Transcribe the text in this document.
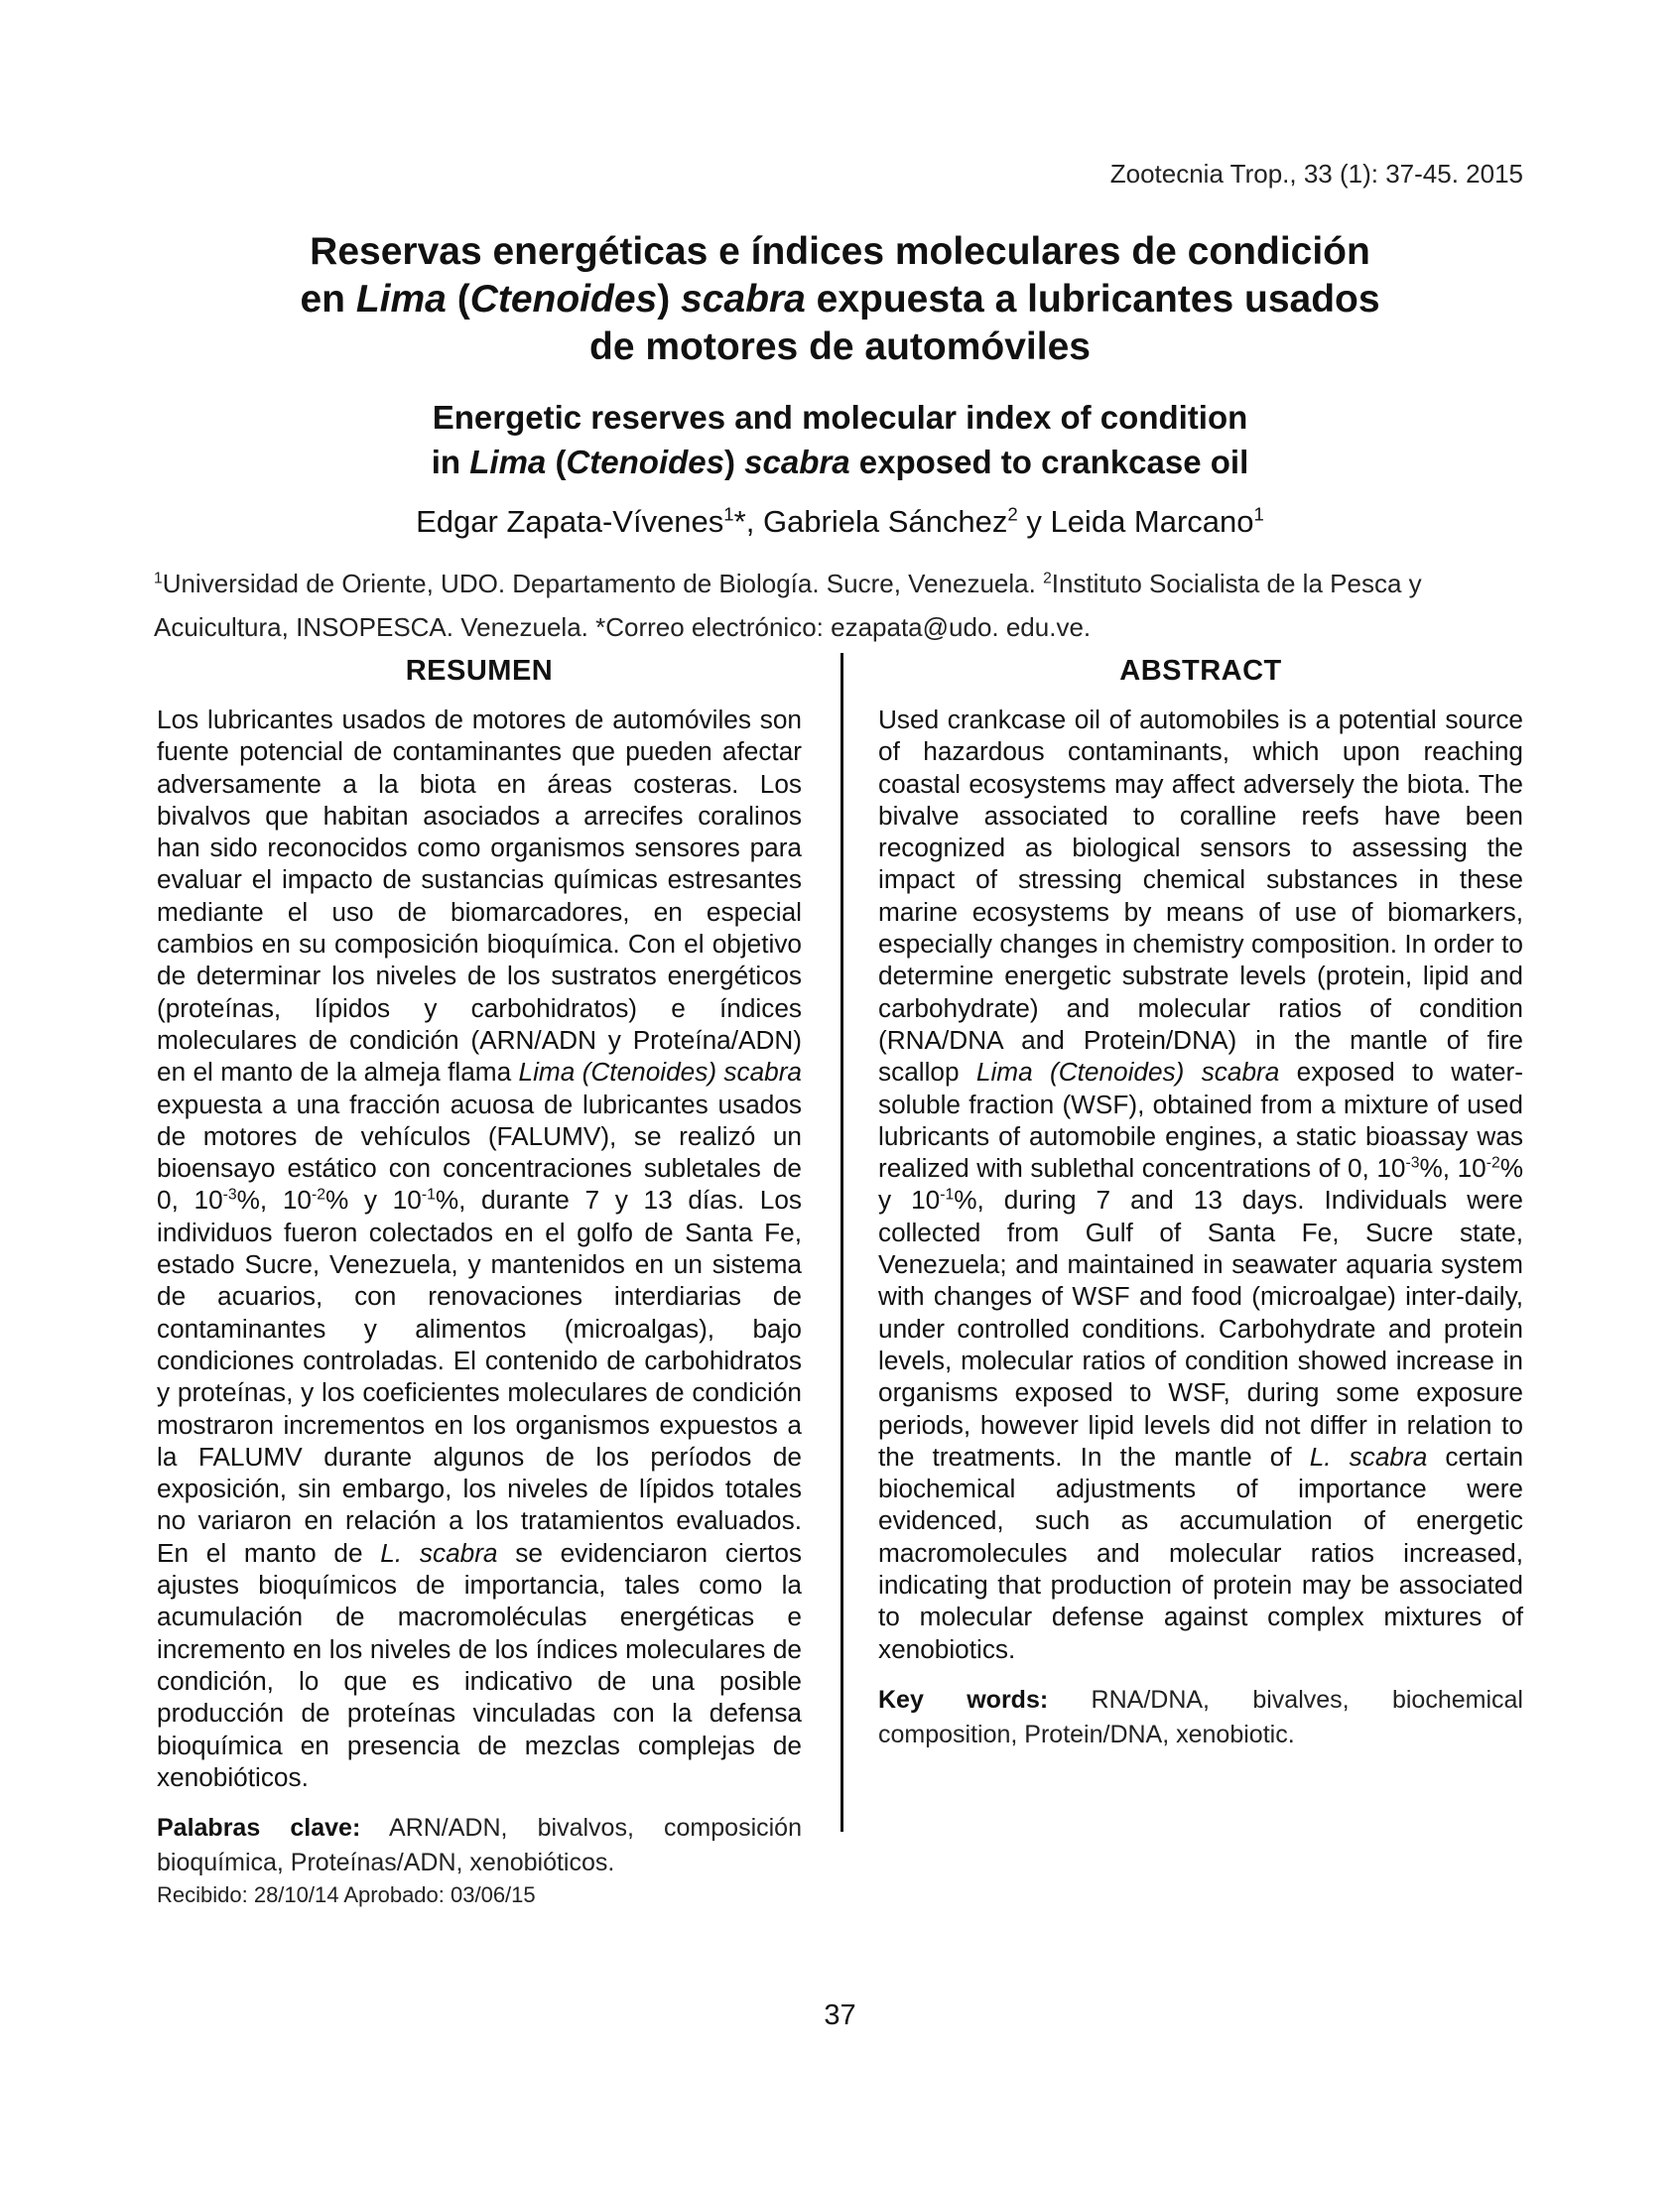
Zootecnia Trop., 33 (1): 37-45. 2015
Reservas energéticas e índices moleculares de condición
en Lima (Ctenoides) scabra expuesta a lubricantes usados
de motores de automóviles
Energetic reserves and molecular index of condition
in Lima (Ctenoides) scabra exposed to crankcase oil
Edgar Zapata-Vívenes$^1$*, Gabriela Sánchez$^2$ y Leida Marcano$^1$
$^1$Universidad de Oriente, UDO. Departamento de Biología. Sucre, Venezuela. $^2$Instituto Socialista de la Pesca y Acuicultura, INSOPESCA. Venezuela. *Correo electrónico: ezapata@udo. edu.ve.
RESUMEN

Los lubricantes usados de motores de automóviles son fuente potencial de contaminantes que pueden afectar adversamente a la biota en áreas costeras. Los bivalvos que habitan asociados a arrecifes coralinos han sido reconocidos como organismos sensores para evaluar el impacto de sustancias químicas estresantes mediante el uso de biomarcadores, en especial cambios en su composición bioquímica. Con el objetivo de determinar los niveles de los sustratos energéticos (proteínas, lípidos y carbohidratos) e índices moleculares de condición (ARN/ADN y Proteína/ADN) en el manto de la almeja flama Lima (Ctenoides) scabra expuesta a una fracción acuosa de lubricantes usados de motores de vehículos (FALUMV), se realizó un bioensayo estático con concentraciones subletales de 0, $10^{-3}\%$, $10^{-2}\%$ y $10^{-1}\%$, durante 7 y 13 días. Los individuos fueron colectados en el golfo de Santa Fe, estado Sucre, Venezuela, y mantenidos en un sistema de acuarios, con renovaciones interdiarias de contaminantes y alimentos (microalgas), bajo condiciones controladas. El contenido de carbohidratos y proteínas, y los coeficientes moleculares de condición mostraron incrementos en los organismos expuestos a la FALUMV durante algunos de los períodos de exposición, sin embargo, los niveles de lípidos totales no variaron en relación a los tratamientos evaluados. En el manto de L. scabra se evidenciaron ciertos ajustes bioquímicos de importancia, tales como la acumulación de macromoléculas energéticas e incremento en los niveles de los índices moleculares de condición, lo que es indicativo de una posible producción de proteínas vinculadas con la defensa bioquímica en presencia de mezclas complejas de xenobióticos.

Palabras clave: ARN/ADN, bivalvos, composición bioquímica, Proteínas/ADN, xenobióticos.

Recibido: 28/10/14 Aprobado: 03/06/15

ABSTRACT

Used crankcase oil of automobiles is a potential source of hazardous contaminants, which upon reaching coastal ecosystems may affect adversely the biota. The bivalve associated to coralline reefs have been recognized as biological sensors to assessing the impact of stressing chemical substances in these marine ecosystems by means of use of biomarkers, especially changes in chemistry composition. In order to determine energetic substrate levels (protein, lipid and carbohydrate) and molecular ratios of condition (RNA/DNA and Protein/DNA) in the mantle of fire scallop Lima (Ctenoides) scabra exposed to water-soluble fraction (WSF), obtained from a mixture of used lubricants of automobile engines, a static bioassay was realized with sublethal concentrations of 0, $10^{-3}\%$, $10^{-2}\%$ y $10^{-1}\%$, during 7 and 13 days. Individuals were collected from Gulf of Santa Fe, Sucre state, Venezuela; and maintained in seawater aquaria system with changes of WSF and food (microalgae) inter-daily, under controlled conditions. Carbohydrate and protein levels, molecular ratios of condition showed increase in organisms exposed to WSF, during some exposure periods, however lipid levels did not differ in relation to the treatments. In the mantle of L. scabra certain biochemical adjustments of importance were evidenced, such as accumulation of energetic macromolecules and molecular ratios increased, indicating that production of protein may be associated to molecular defense against complex mixtures of xenobiotics.

Key words: RNA/DNA, bivalves, biochemical composition, Protein/DNA, xenobiotic.

37
